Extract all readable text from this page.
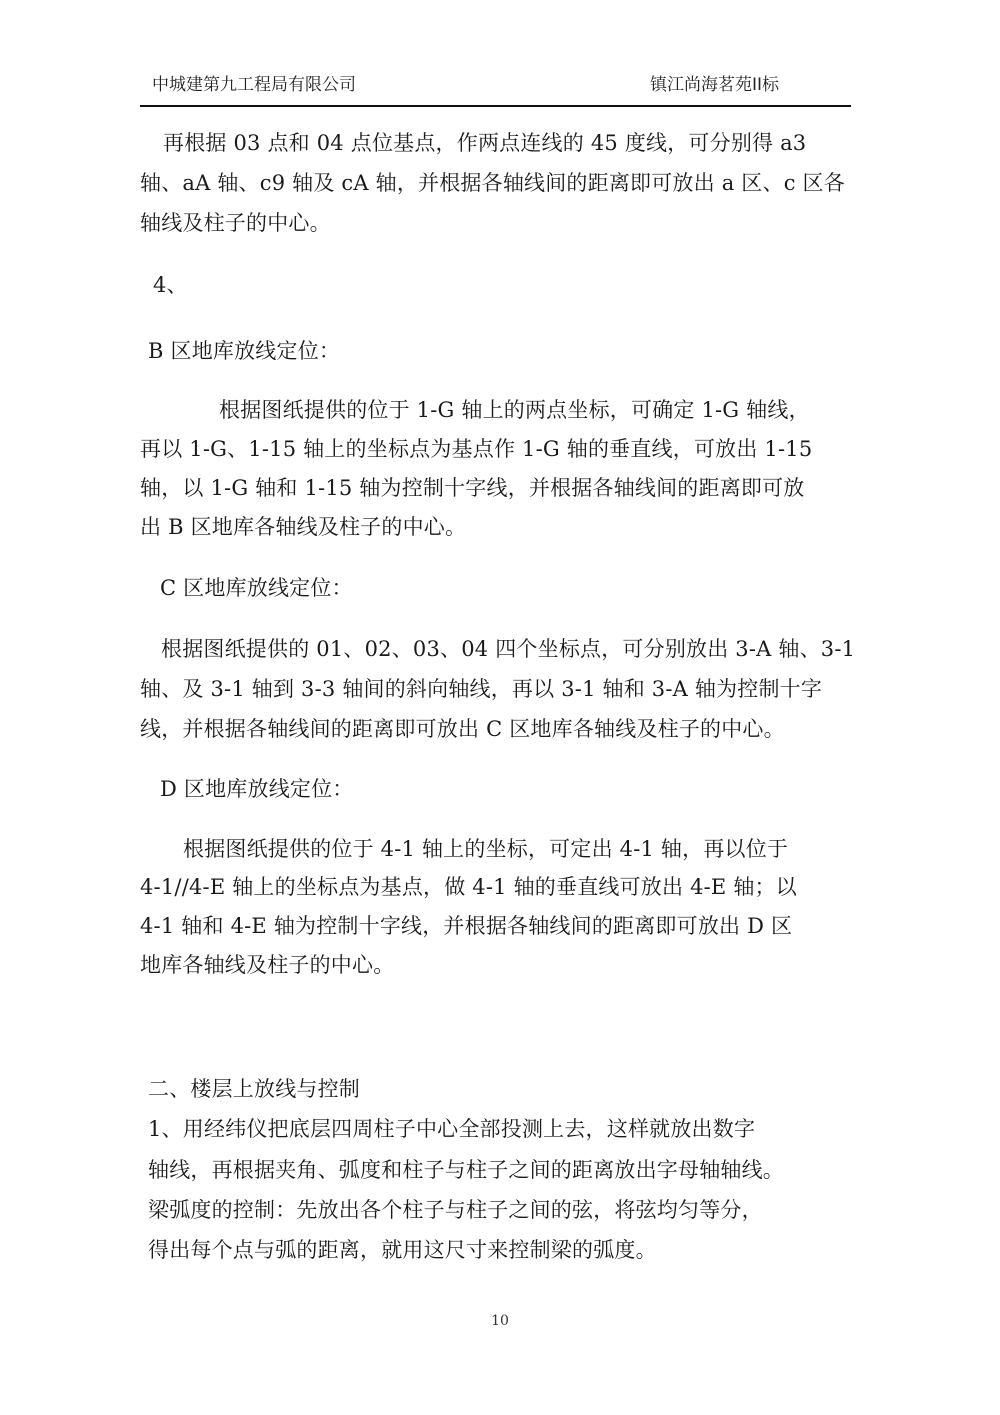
中城建第九工程局有限公司	镇江尚海茗苑II标
再根据 03 点和 04 点位基点，作两点连线的 45 度线，可分别得 a3
轴、aA 轴、c9 轴及 cA 轴，并根据各轴线间的距离即可放出 a 区、c 区各
轴线及柱子的中心。
4、
B 区地库放线定位：
根据图纸提供的位于 1-G 轴上的两点坐标，可确定 1-G 轴线，
再以 1-G、1-15 轴上的坐标点为基点作 1-G 轴的垂直线，可放出 1-15
轴，以 1-G 轴和 1-15 轴为控制十字线，并根据各轴线间的距离即可放
出 B 区地库各轴线及柱子的中心。
C 区地库放线定位：
根据图纸提供的 01、02、03、04 四个坐标点，可分别放出 3-A 轴、3-1
轴、及 3-1 轴到 3-3 轴间的斜向轴线，再以 3-1 轴和 3-A 轴为控制十字
线，并根据各轴线间的距离即可放出 C 区地库各轴线及柱子的中心。
D 区地库放线定位：
根据图纸提供的位于 4-1 轴上的坐标，可定出 4-1 轴，再以位于
4-1//4-E 轴上的坐标点为基点，做 4-1 轴的垂直线可放出 4-E 轴；以
4-1 轴和 4-E 轴为控制十字线，并根据各轴线间的距离即可放出 D 区
地库各轴线及柱子的中心。
二、楼层上放线与控制
1、用经纬仪把底层四周柱子中心全部投测上去，这样就放出数字
轴线，再根据夹角、弧度和柱子与柱子之间的距离放出字母轴轴线。
梁弧度的控制：先放出各个柱子与柱子之间的弦，将弦均匀等分，
得出每个点与弧的距离，就用这尺寸来控制梁的弧度。
10
